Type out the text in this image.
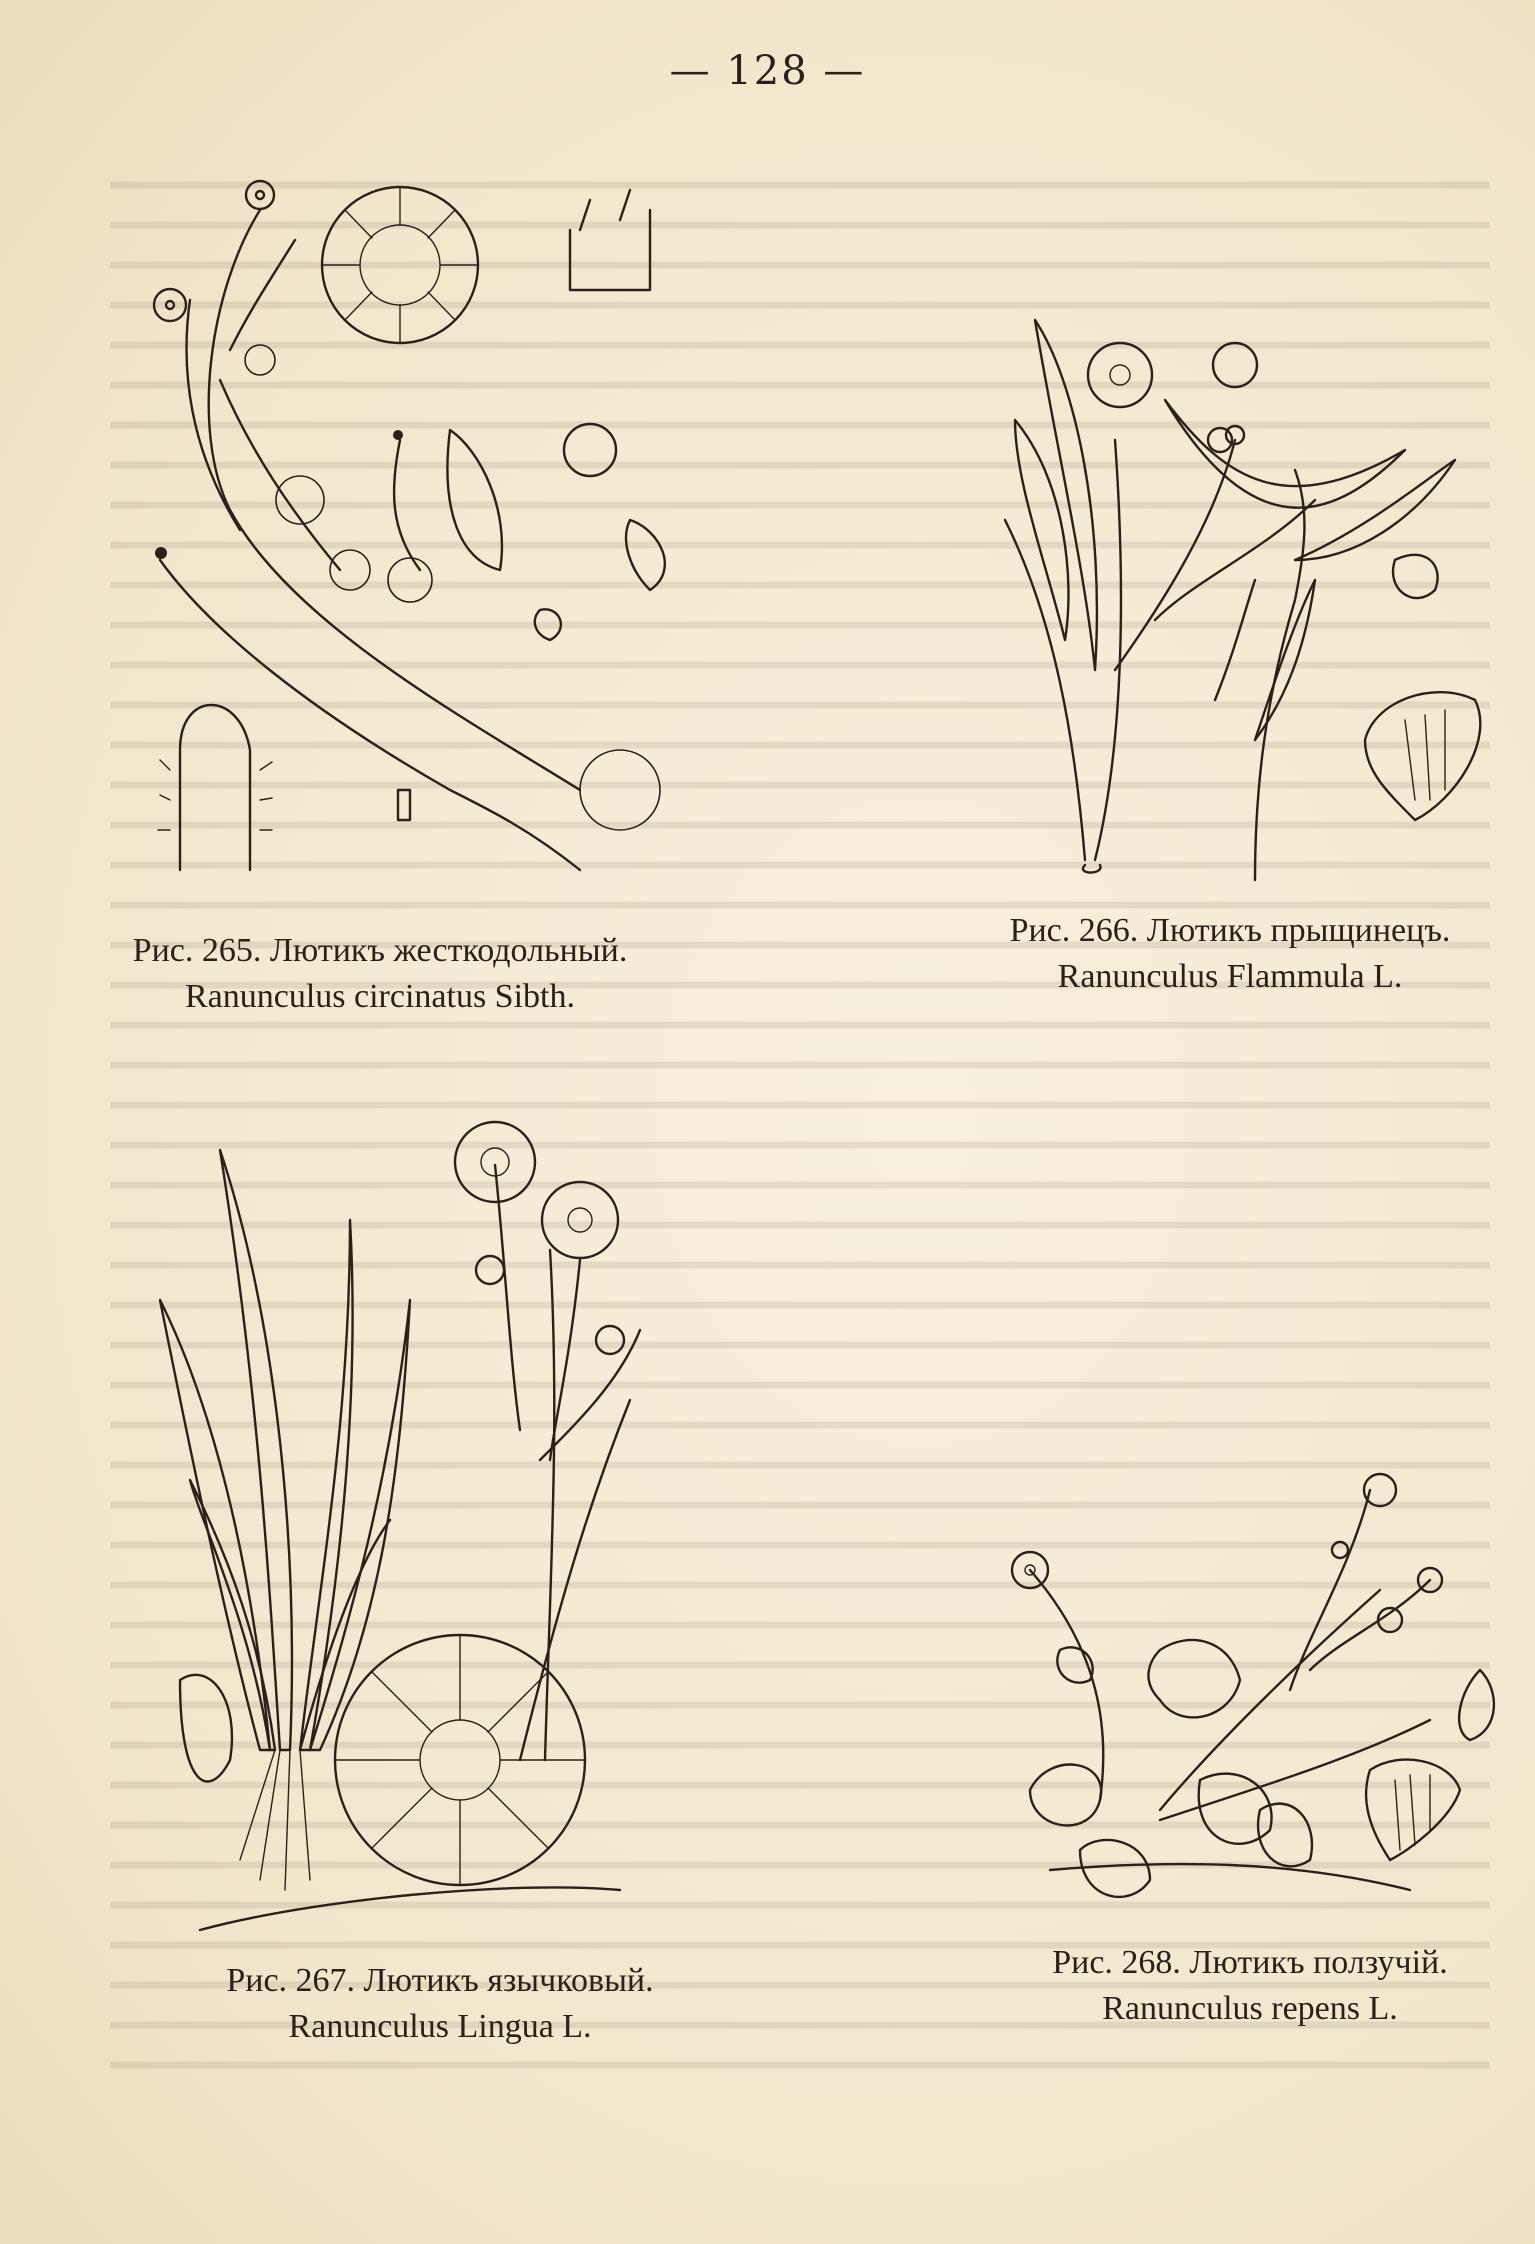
— 128 —
Рис. 265. Лютикъ жесткодольный.
Ranunculus circinatus Sibth.
Рис. 266. Лютикъ прыщинецъ.
Ranunculus Flammula L.
Рис. 267. Лютикъ язычковый.
Ranunculus Lingua L.
Рис. 268. Лютикъ ползучій.
Ranunculus repens L.
